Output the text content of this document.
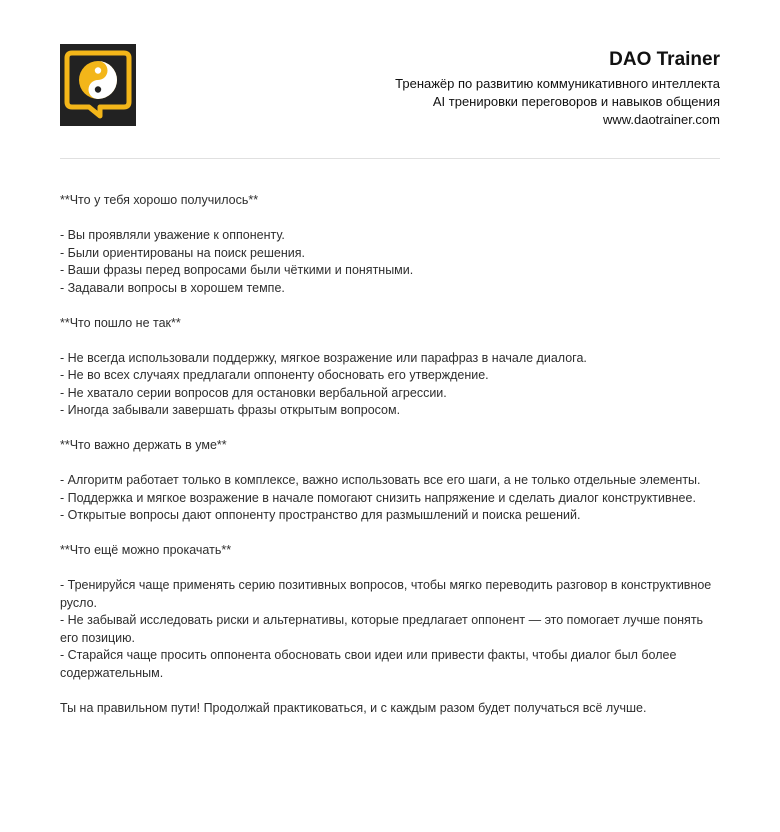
DAO Trainer
Тренажёр по развитию коммуникативного интеллекта
AI тренировки переговоров и навыков общения
www.daotrainer.com

**Что у тебя хорошо получилось**

- Вы проявляли уважение к оппоненту.
- Были ориентированы на поиск решения.
- Ваши фразы перед вопросами были чёткими и понятными.
- Задавали вопросы в хорошем темпе.

**Что пошло не так**

- Не всегда использовали поддержку, мягкое возражение или парафраз в начале диалога.
- Не во всех случаях предлагали оппоненту обосновать его утверждение.
- Не хватало серии вопросов для остановки вербальной агрессии.
- Иногда забывали завершать фразы открытым вопросом.

**Что важно держать в уме**

- Алгоритм работает только в комплексе, важно использовать все его шаги, а не только отдельные элементы.
- Поддержка и мягкое возражение в начале помогают снизить напряжение и сделать диалог конструктивнее.
- Открытые вопросы дают оппоненту пространство для размышлений и поиска решений.

**Что ещё можно прокачать**

- Тренируйся чаще применять серию позитивных вопросов, чтобы мягко переводить разговор в конструктивное русло.
- Не забывай исследовать риски и альтернативы, которые предлагает оппонент — это помогает лучше понять его позицию.
- Старайся чаще просить оппонента обосновать свои идеи или привести факты, чтобы диалог был более содержательным.

Ты на правильном пути! Продолжай практиковаться, и с каждым разом будет получаться всё лучше.
